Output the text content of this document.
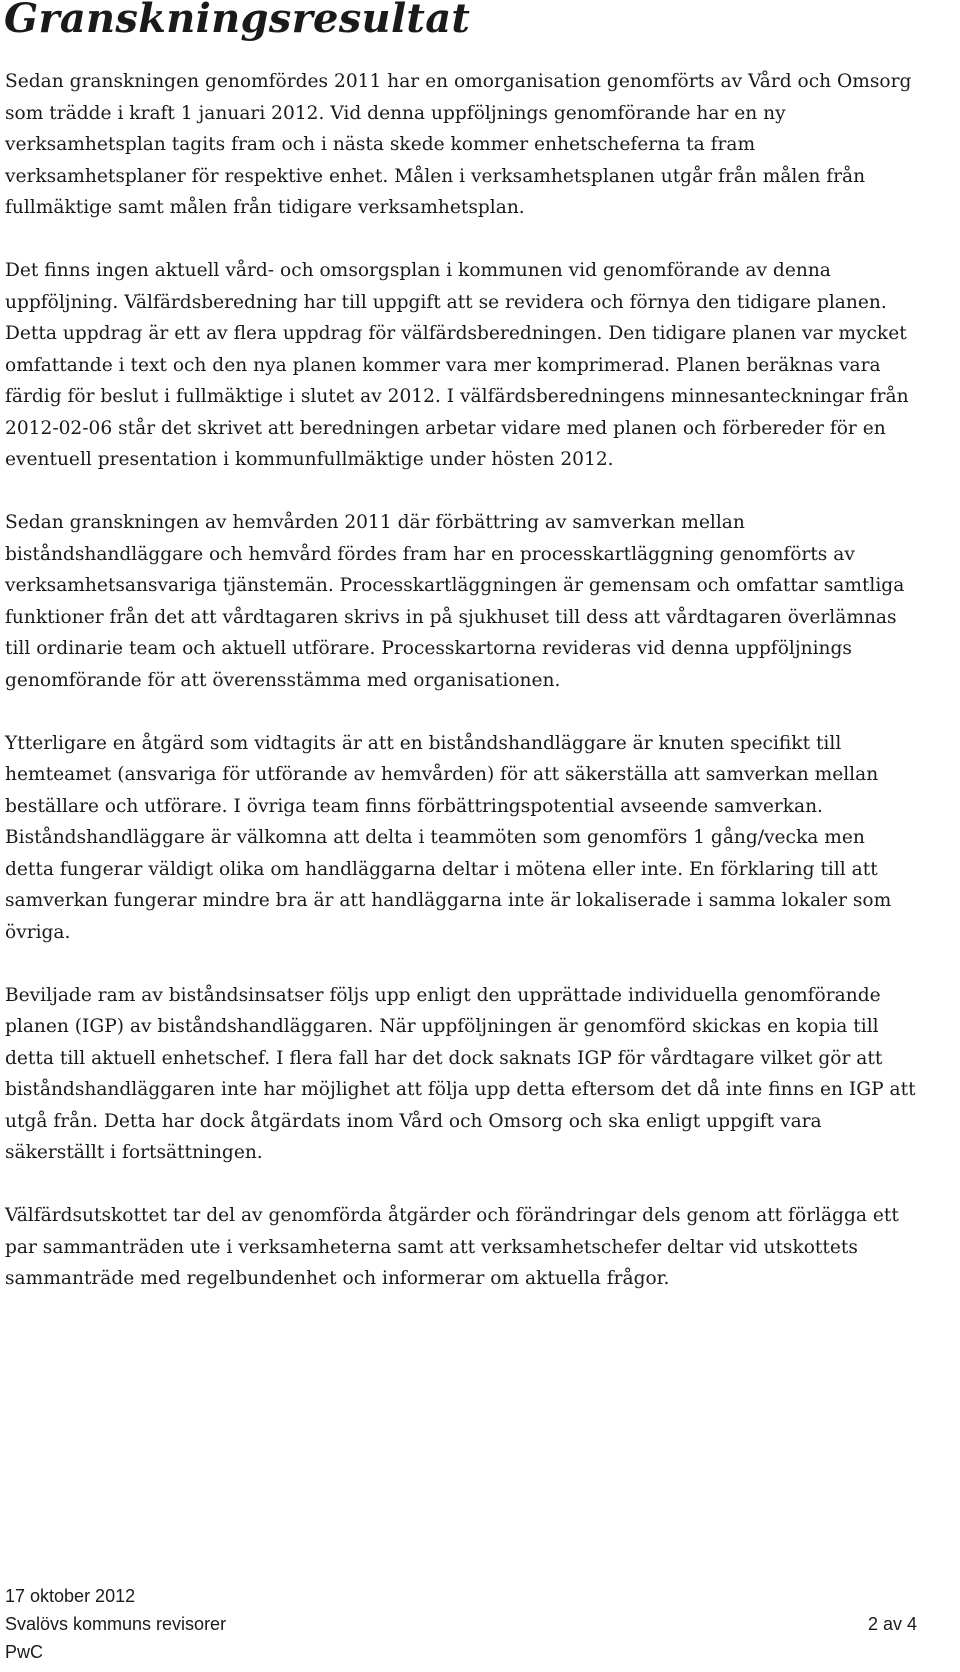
Granskningsresultat

Sedan granskningen genomfördes 2011 har en omorganisation genomförts av Vård och Omsorg som trädde i kraft 1 januari 2012. Vid denna uppföljnings genomförande har en ny verksamhetsplan tagits fram och i nästa skede kommer enhetscheferna ta fram verksamhetsplaner för respektive enhet. Målen i verksamhetsplanen utgår från målen från fullmäktige samt målen från tidigare verksamhetsplan.

Det finns ingen aktuell vård- och omsorgsplan i kommunen vid genomförande av denna uppföljning. Välfärdsberedning har till uppgift att se revidera och förnya den tidigare planen. Detta uppdrag är ett av flera uppdrag för välfärdsberedningen. Den tidigare planen var mycket omfattande i text och den nya planen kommer vara mer komprimerad. Planen beräknas vara färdig för beslut i fullmäktige i slutet av 2012. I välfärdsberedningens minnesanteckningar från 2012-02-06 står det skrivet att beredningen arbetar vidare med planen och förbereder för en eventuell presentation i kommunfullmäktige under hösten 2012.

Sedan granskningen av hemvården 2011 där förbättring av samverkan mellan biståndshandläggare och hemvård fördes fram har en processkartläggning genomförts av verksamhetsansvariga tjänstemän. Processkartläggningen är gemensam och omfattar samtliga funktioner från det att vårdtagaren skrivs in på sjukhuset till dess att vårdtagaren överlämnas till ordinarie team och aktuell utförare. Processkartorna revideras vid denna uppföljnings genomförande för att överensstämma med organisationen.

Ytterligare en åtgärd som vidtagits är att en biståndshandläggare är knuten specifikt till hemteamet (ansvariga för utförande av hemvården) för att säkerställa att samverkan mellan beställare och utförare. I övriga team finns förbättringspotential avseende samverkan. Biståndshandläggare är välkomna att delta i teammöten som genomförs 1 gång/vecka men detta fungerar väldigt olika om handläggarna deltar i mötena eller inte. En förklaring till att samverkan fungerar mindre bra är att handläggarna inte är lokaliserade i samma lokaler som övriga.

Beviljade ram av biståndsinsatser följs upp enligt den upprättade individuella genomförande planen (IGP) av biståndshandläggaren. När uppföljningen är genomförd skickas en kopia till detta till aktuell enhetschef. I flera fall har det dock saknats IGP för vårdtagare vilket gör att biståndshandläggaren inte har möjlighet att följa upp detta eftersom det då inte finns en IGP att utgå från. Detta har dock åtgärdats inom Vård och Omsorg och ska enligt uppgift vara säkerställt i fortsättningen.

Välfärdsutskottet tar del av genomförda åtgärder och förändringar dels genom att förlägga ett par sammanträden ute i verksamheterna samt att verksamhetschefer deltar vid utskottets sammanträde med regelbundenhet och informerar om aktuella frågor.

17 oktober 2012
Svalövs kommuns revisorer	2 av 4
PwC
